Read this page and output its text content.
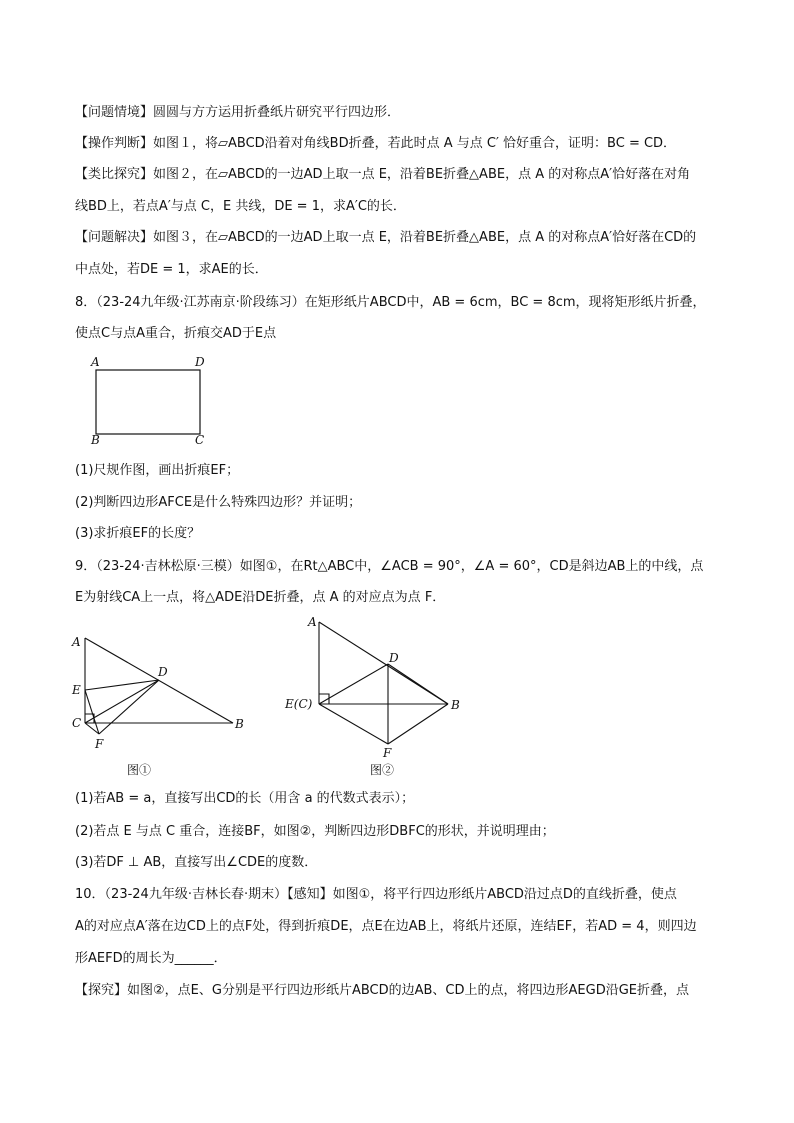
【问题情境】圆圆与方方运用折叠纸片研究平行四边形．
【操作判断】如图１，将▱ABCD沿着对角线BD折叠，若此时点 A 与点 C′ 恰好重合，证明：BC = CD．
【类比探究】如图２，在▱ABCD的一边AD上取一点 E，沿着BE折叠△ABE，点 A 的对称点A′恰好落在对角
线BD上，若点A′与点 C，E 共线，DE = 1，求A′C的长．
【问题解决】如图３，在▱ABCD的一边AD上取一点 E，沿着BE折叠△ABE，点 A 的对称点A′恰好落在CD的
中点处，若DE = 1，求AE的长．
8．（23-24九年级·江苏南京·阶段练习）在矩形纸片ABCD中，AB = 6cm，BC = 8cm，现将矩形纸片折叠，
使点C与点A重合，折痕交AD于E点
(1)尺规作图，画出折痕EF；
(2)判断四边形AFCE是什么特殊四边形？并证明；
(3)求折痕EF的长度？
9．（23-24·吉林松原·三模）如图①，在Rt△ABC中，∠ACB = 90°，∠A = 60°，CD是斜边AB上的中线，点
E为射线CA上一点，将△ADE沿DE折叠，点 A 的对应点为点 F．
(1)若AB = a，直接写出CD的长（用含 a 的代数式表示）；
(2)若点 E 与点 C 重合，连接BF，如图②，判断四边形DBFC的形状，并说明理由；
(3)若DF ⊥ AB，直接写出∠CDE的度数．
10．（23-24九年级·吉林长春·期末）【感知】如图①，将平行四边形纸片ABCD沿过点D的直线折叠，使点
A的对应点A′落在边CD上的点F处，得到折痕DE，点E在边AB上，将纸片还原，连结EF，若AD = 4，则四边
形AEFD的周长为______．
【探究】如图②，点E、G分别是平行四边形纸片ABCD的边AB、CD上的点，将四边形AEGD沿GE折叠，点
A	D
B	C
A
E
C
F
D
B
图①
A
D
E(C)	B
F
图②
